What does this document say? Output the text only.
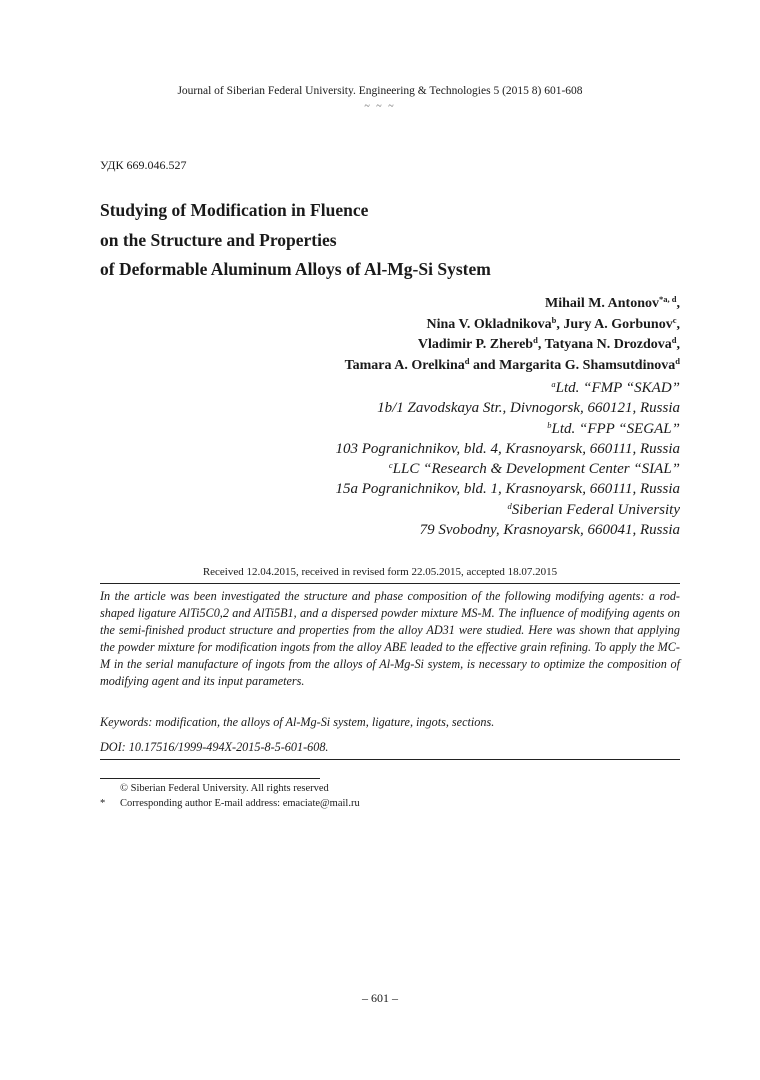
Journal of Siberian Federal University. Engineering & Technologies 5 (2015 8) 601-608
~ ~ ~
УДК 669.046.527
Studying of Modification in Fluence
on the Structure and Properties
of Deformable Aluminum Alloys of Al-Mg-Si System
Mihail M. Antonov$^{*a, d}$,
Nina V. Okladnikova$^b$, Jury A. Gorbunov$^c$,
Vladimir P. Zhereb$^d$, Tatyana N. Drozdova$^d$,
Tamara A. Orelkina$^d$ and Margarita G. Shamsutdinova$^d$
$^a$Ltd. “FMP “SKAD”
1b/1 Zavodskaya Str., Divnogorsk, 660121, Russia
$^b$Ltd. “FPP “SEGAL”
103 Pogranichnikov, bld. 4, Krasnoyarsk, 660111, Russia
$^c$LLC “Research & Development Center “SIAL”
15a Pogranichnikov, bld. 1, Krasnoyarsk, 660111, Russia
$^d$Siberian Federal University
79 Svobodny, Krasnoyarsk, 660041, Russia
Received 12.04.2015, received in revised form 22.05.2015, accepted 18.07.2015
In the article was been investigated the structure and phase composition of the following modifying agents: a rod-shaped ligature AlTi5C0,2 and AlTi5B1, and a dispersed powder mixture MS-M. The influence of modifying agents on the semi-finished product structure and properties from the alloy AD31 were studied. Here was shown that applying the powder mixture for modification ingots from the alloy ABE leaded to the effective grain refining. To apply the MC-M in the serial manufacture of ingots from the alloys of Al-Mg-Si system, is necessary to optimize the composition of modifying agent and its input parameters.
Keywords: modification, the alloys of Al-Mg-Si system, ligature, ingots, sections.
DOI: 10.17516/1999-494X-2015-8-5-601-608.
© Siberian Federal University. All rights reserved
* Corresponding author E-mail address: emaciate@mail.ru
– 601 –
